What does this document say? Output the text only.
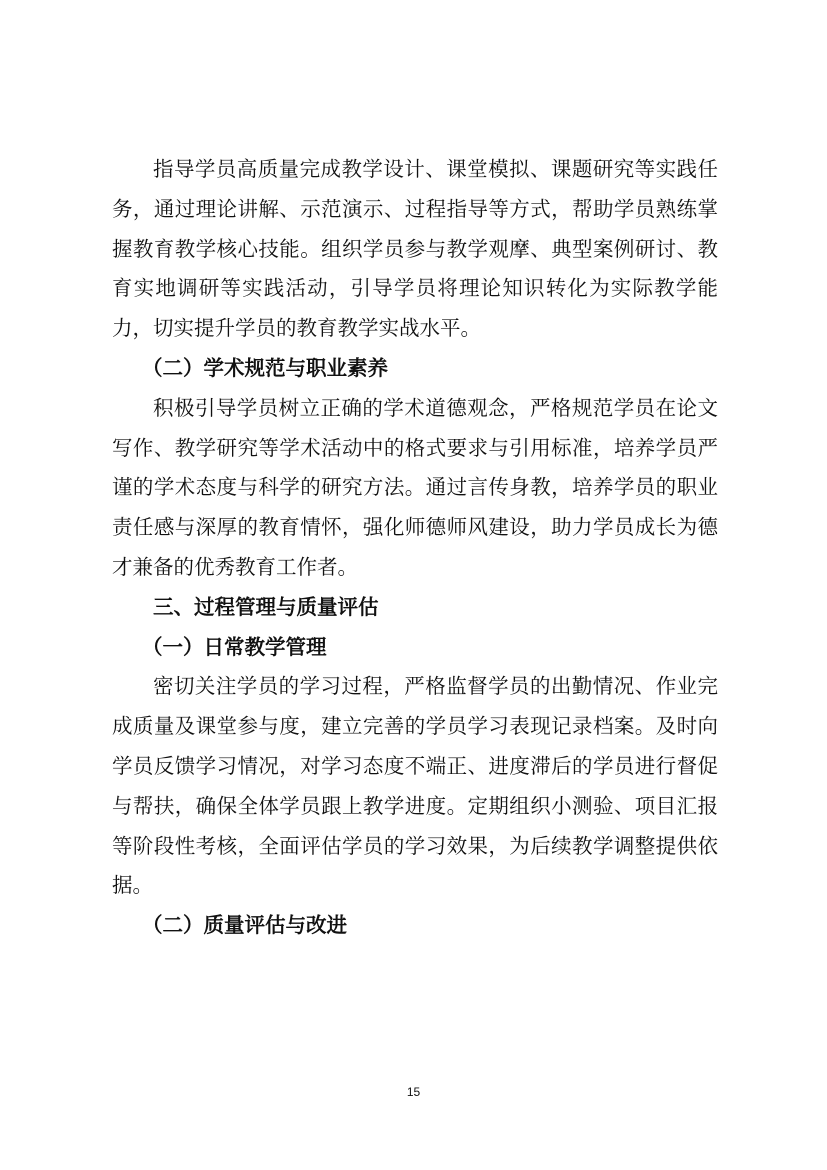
指导学员高质量完成教学设计、课堂模拟、课题研究等实践任务，通过理论讲解、示范演示、过程指导等方式，帮助学员熟练掌握教育教学核心技能。组织学员参与教学观摩、典型案例研讨、教育实地调研等实践活动，引导学员将理论知识转化为实际教学能力，切实提升学员的教育教学实战水平。

（二）学术规范与职业素养

积极引导学员树立正确的学术道德观念，严格规范学员在论文写作、教学研究等学术活动中的格式要求与引用标准，培养学员严谨的学术态度与科学的研究方法。通过言传身教，培养学员的职业责任感与深厚的教育情怀，强化师德师风建设，助力学员成长为德才兼备的优秀教育工作者。

三、过程管理与质量评估

（一）日常教学管理

密切关注学员的学习过程，严格监督学员的出勤情况、作业完成质量及课堂参与度，建立完善的学员学习表现记录档案。及时向学员反馈学习情况，对学习态度不端正、进度滞后的学员进行督促与帮扶，确保全体学员跟上教学进度。定期组织小测验、项目汇报等阶段性考核，全面评估学员的学习效果，为后续教学调整提供依据。

（二）质量评估与改进

15
